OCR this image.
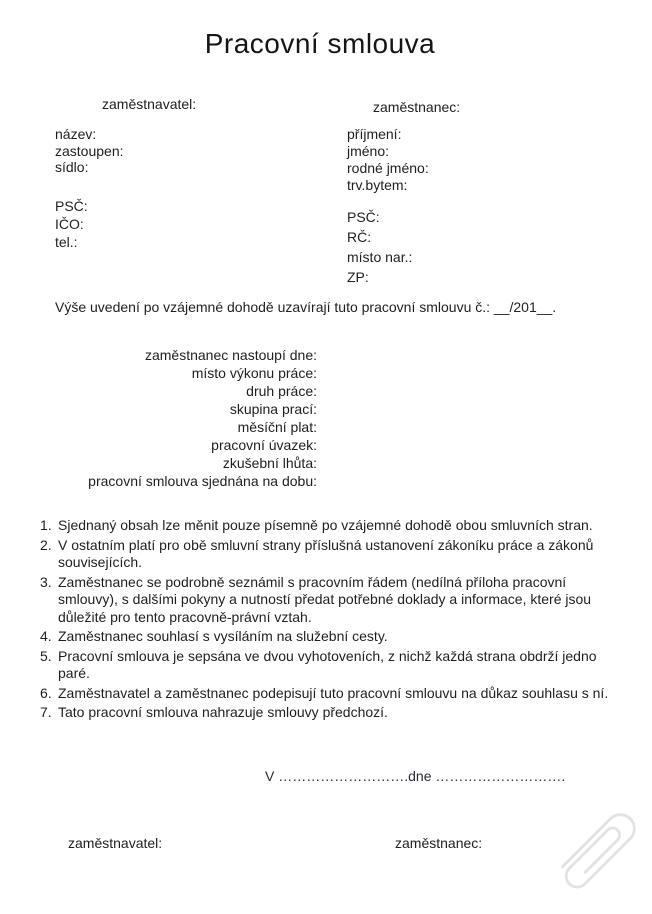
Pracovní smlouva
zaměstnavatel:	zaměstnanec:
název:
zastoupen:
sídlo:
PSČ:
IČO:
tel.:
příjmení:
jméno:
rodné jméno:
trv.bytem:
PSČ:
RČ:
místo nar.:
ZP:
Výše uvedení po vzájemné dohodě uzavírají tuto pracovní smlouvu č.: __/201__.
zaměstnanec nastoupí dne:
místo výkonu práce:
druh práce:
skupina prací:
měsíční plat:
pracovní úvazek:
zkušební lhůta:
pracovní smlouva sjednána na dobu:
1. Sjednaný obsah lze měnit pouze písemně po vzájemné dohodě obou smluvních stran.
2. V ostatním platí pro obě smluvní strany příslušná ustanovení zákoníku práce a zákonů souvisejících.
3. Zaměstnanec se podrobně seznámil s pracovním řádem (nedílná příloha pracovní smlouvy), s dalšími pokyny a nutností předat potřebné doklady a informace, které jsou důležité pro tento pracovně-právní vztah.
4. Zaměstnanec souhlasí s vysíláním na služební cesty.
5. Pracovní smlouva je sepsána ve dvou vyhotoveních, z nichž každá strana obdrží jedno paré.
6. Zaměstnavatel a zaměstnanec podepisují tuto pracovní smlouvu na důkaz souhlasu s ní.
7. Tato pracovní smlouva nahrazuje smlouvy předchozí.
V ……………………….dne ……………………….
zaměstnavatel:	zaměstnanec:
